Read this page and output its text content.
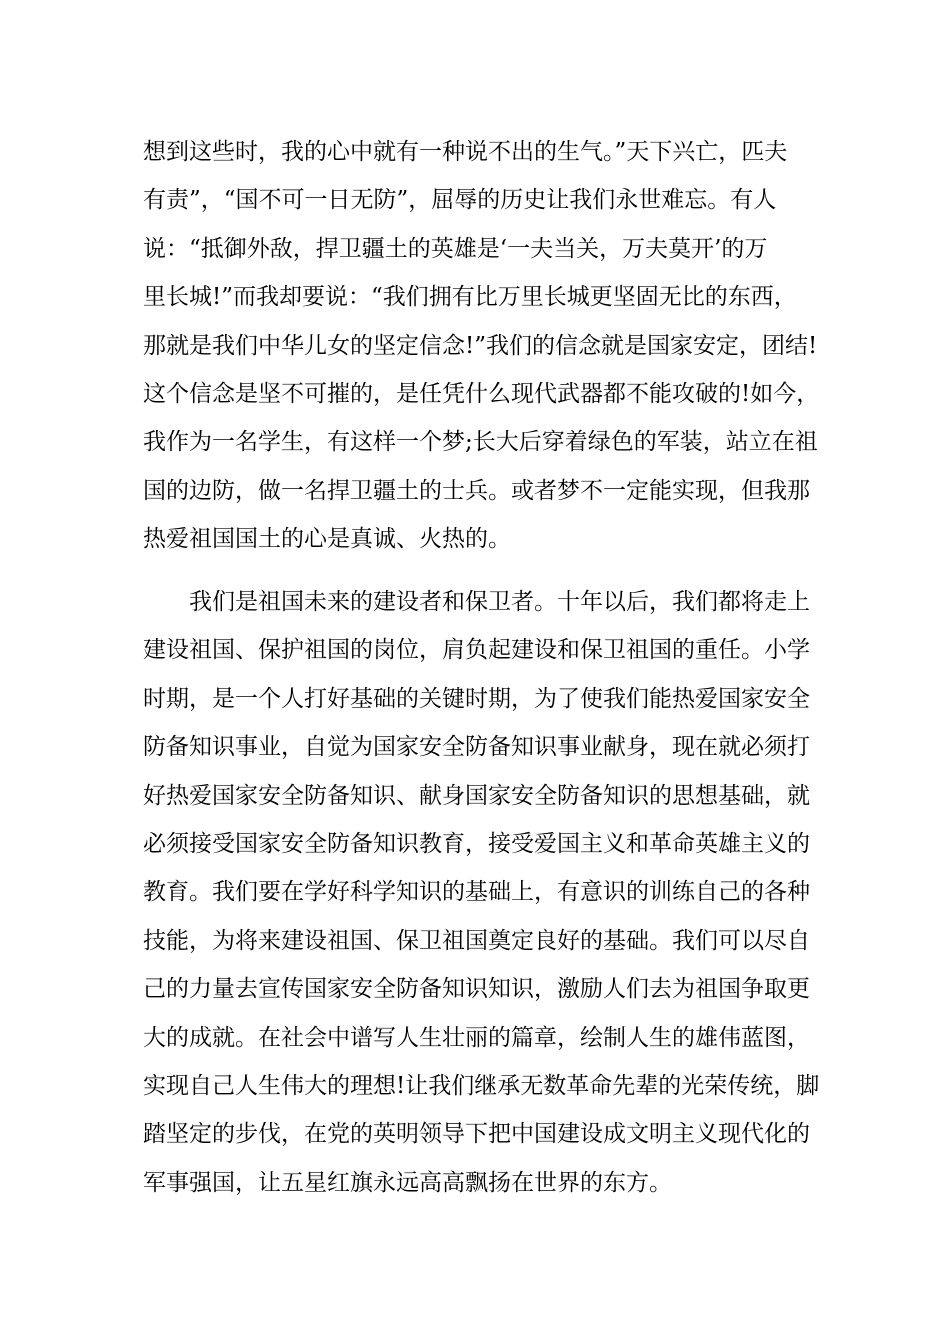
想到这些时，我的心中就有一种说不出的生气。”天下兴亡，匹夫
有责”，“国不可一日无防”，屈辱的历史让我们永世难忘。有人
说：“抵御外敌，捍卫疆土的英雄是‘一夫当关，万夫莫开’的万
里长城!”而我却要说：“我们拥有比万里长城更坚固无比的东西，
那就是我们中华儿女的坚定信念!”我们的信念就是国家安定，团结!
这个信念是坚不可摧的，是任凭什么现代武器都不能攻破的!如今，
我作为一名学生，有这样一个梦;长大后穿着绿色的军装，站立在祖
国的边防，做一名捍卫疆土的士兵。或者梦不一定能实现，但我那
热爱祖国国土的心是真诚、火热的。
我们是祖国未来的建设者和保卫者。十年以后，我们都将走上
建设祖国、保护祖国的岗位，肩负起建设和保卫祖国的重任。小学
时期，是一个人打好基础的关键时期，为了使我们能热爱国家安全
防备知识事业，自觉为国家安全防备知识事业献身，现在就必须打
好热爱国家安全防备知识、献身国家安全防备知识的思想基础，就
必须接受国家安全防备知识教育，接受爱国主义和革命英雄主义的
教育。我们要在学好科学知识的基础上，有意识的训练自己的各种
技能，为将来建设祖国、保卫祖国奠定良好的基础。我们可以尽自
己的力量去宣传国家安全防备知识知识，激励人们去为祖国争取更
大的成就。在社会中谱写人生壮丽的篇章，绘制人生的雄伟蓝图，
实现自己人生伟大的理想!让我们继承无数革命先辈的光荣传统，脚
踏坚定的步伐，在党的英明领导下把中国建设成文明主义现代化的
军事强国，让五星红旗永远高高飘扬在世界的东方。
